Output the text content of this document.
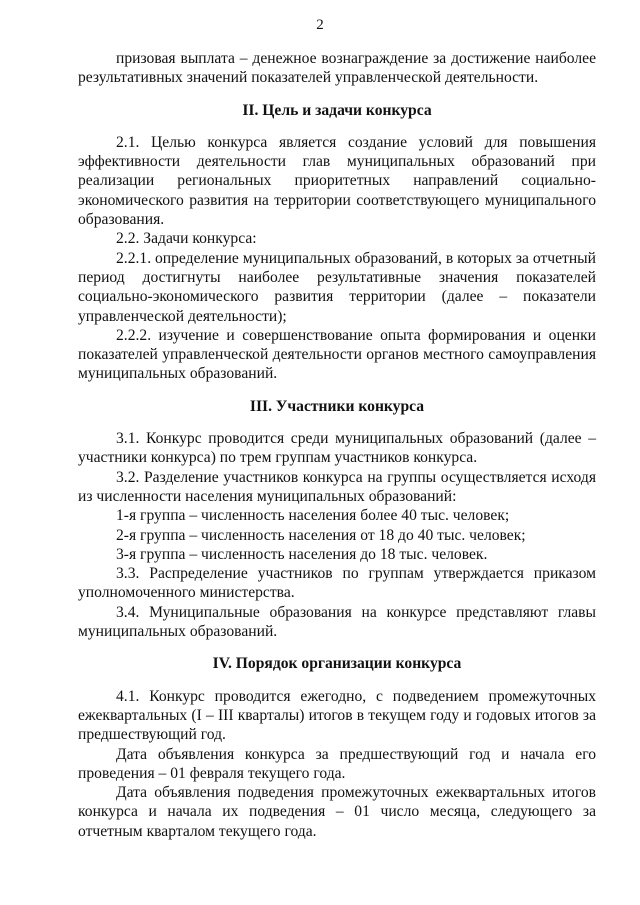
2

призовая выплата – денежное вознаграждение за достижение наиболее результативных значений показателей управленческой деятельности.

II. Цель и задачи конкурса

2.1. Целью конкурса является создание условий для повышения эффективности деятельности глав муниципальных образований при реализации региональных приоритетных направлений социально-экономического развития на территории соответствующего муниципального образования.

2.2. Задачи конкурса:

2.2.1. определение муниципальных образований, в которых за отчетный период достигнуты наиболее результативные значения показателей социально-экономического развития территории (далее – показатели управленческой деятельности);

2.2.2. изучение и совершенствование опыта формирования и оценки показателей управленческой деятельности органов местного самоуправления муниципальных образований.

III. Участники конкурса

3.1. Конкурс проводится среди муниципальных образований (далее – участники конкурса) по трем группам участников конкурса.

3.2. Разделение участников конкурса на группы осуществляется исходя из численности населения муниципальных образований:

1-я группа – численность населения более 40 тыс. человек;

2-я группа – численность населения от 18 до 40 тыс. человек;

3-я группа – численность населения до 18 тыс. человек.

3.3. Распределение участников по группам утверждается приказом уполномоченного министерства.

3.4. Муниципальные образования на конкурсе представляют главы муниципальных образований.

IV. Порядок организации конкурса

4.1. Конкурс проводится ежегодно, с подведением промежуточных ежеквартальных (I – III кварталы) итогов в текущем году и годовых итогов за предшествующий год.

Дата объявления конкурса за предшествующий год и начала его проведения – 01 февраля текущего года.

Дата объявления подведения промежуточных ежеквартальных итогов конкурса и начала их подведения – 01 число месяца, следующего за отчетным кварталом текущего года.
